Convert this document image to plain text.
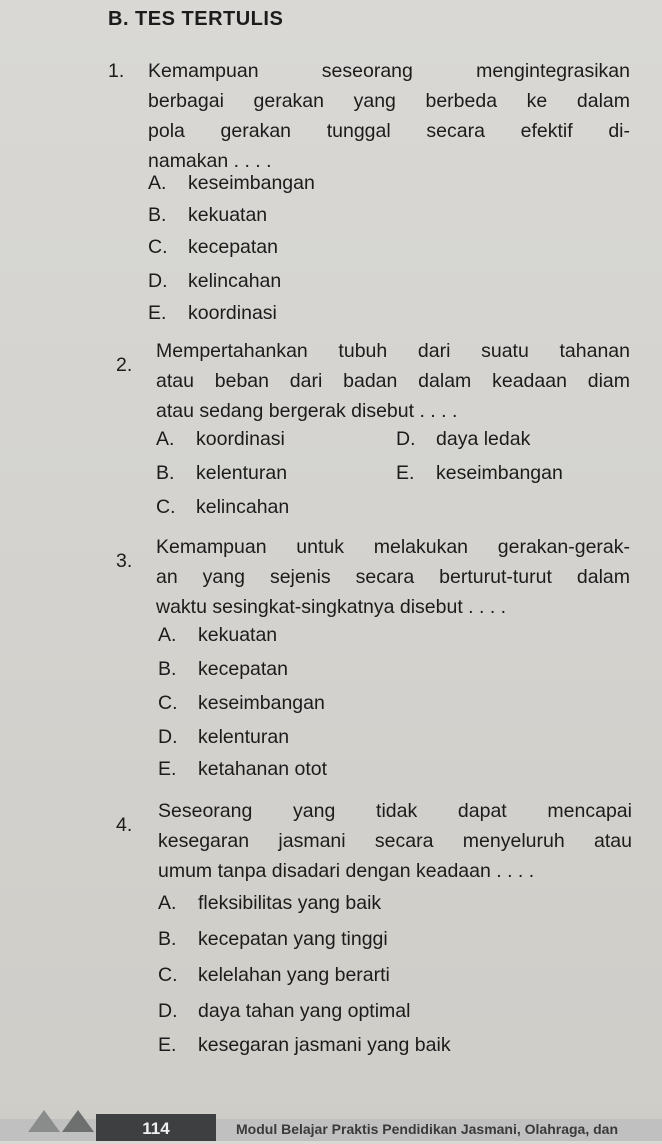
B. TES TERTULIS
1. Kemampuan seseorang mengintegrasikan
berbagai gerakan yang berbeda ke dalam
pola gerakan tunggal secara efektif di-
namakan . . . .
A. keseimbangan
B. kekuatan
C. kecepatan
D. kelincahan
E. koordinasi
2.
Mempertahankan tubuh dari suatu tahanan
atau beban dari badan dalam keadaan diam
atau sedang bergerak disebut . . . .
A. koordinasi
B. kelenturan
C. kelincahan
D. daya ledak
E. keseimbangan
3.
Kemampuan untuk melakukan gerakan-gerak-
an yang sejenis secara berturut-turut dalam
waktu sesingkat-singkatnya disebut . . . .
A. kekuatan
B. kecepatan
C. keseimbangan
D. kelenturan
E. ketahanan otot
4.
Seseorang yang tidak dapat mencapai
kesegaran jasmani secara menyeluruh atau
umum tanpa disadari dengan keadaan . . . .
A. fleksibilitas yang baik
B. kecepatan yang tinggi
C. kelelahan yang berarti
D. daya tahan yang optimal
E. kesegaran jasmani yang baik
114	Modul Belajar Praktis Pendidikan Jasmani, Olahraga, dan
